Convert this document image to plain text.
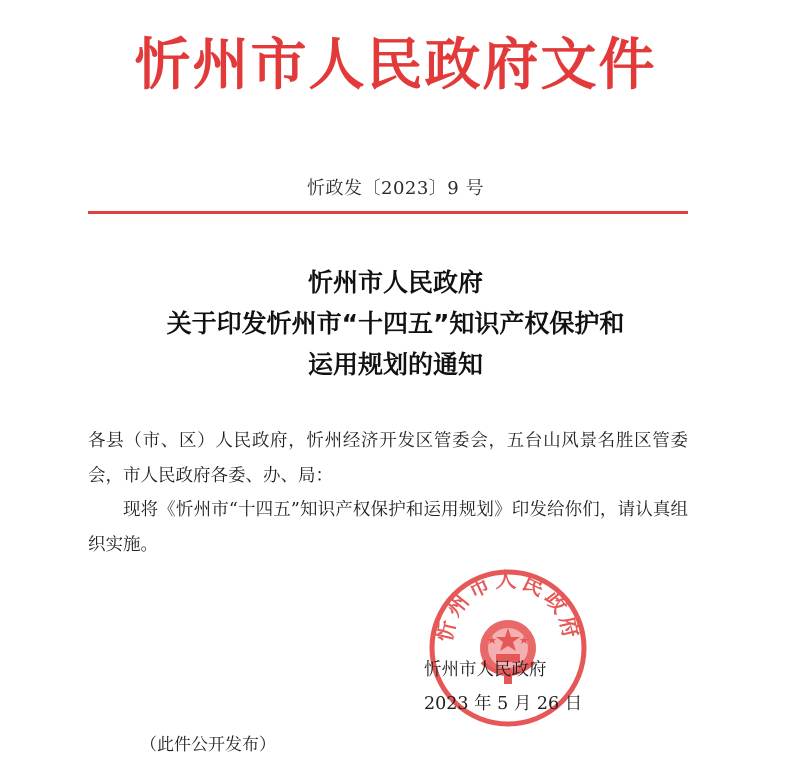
忻州市人民政府文件
忻政发〔2023〕9 号
忻州市人民政府
关于印发忻州市“十四五”知识产权保护和
运用规划的通知

各县（市、区）人民政府，忻州经济开发区管委会，五台山风景名胜区管委会，市人民政府各委、办、局：

现将《忻州市“十四五”知识产权保护和运用规划》印发给你们，请认真组织实施。

忻州市人民政府
忻州市人民政府
2023 年 5 月 26 日
（此件公开发布）
